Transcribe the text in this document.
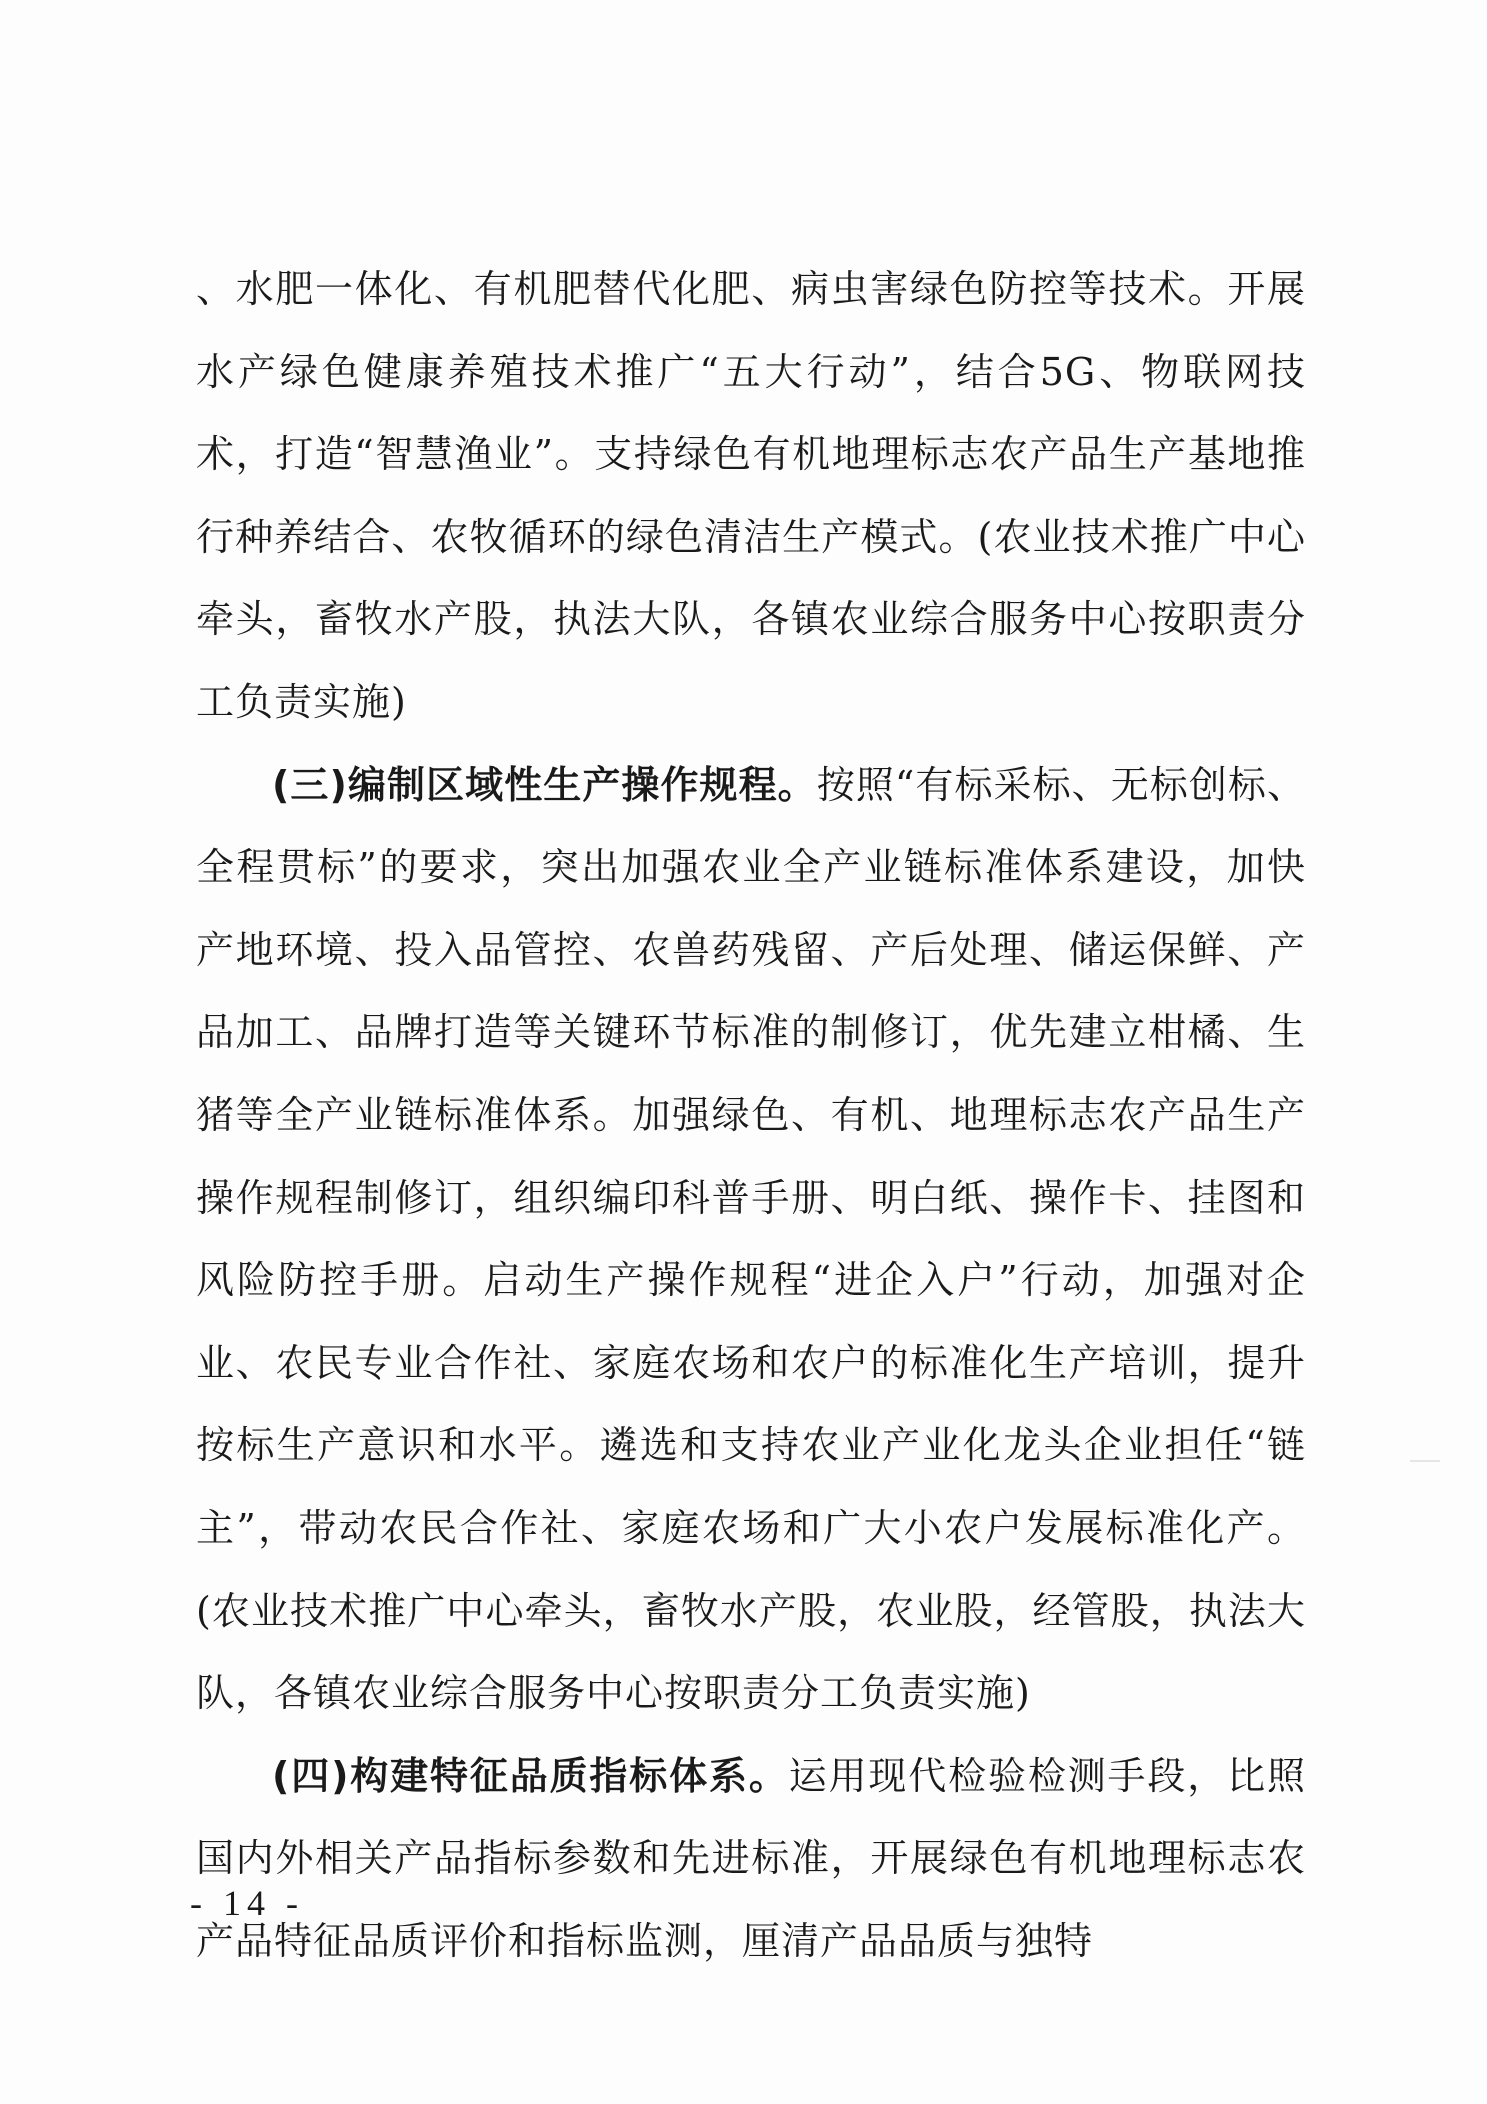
、水肥一体化、有机肥替代化肥、病虫害绿色防控等技术。开展水产绿色健康养殖技术推广“五大行动”，结合5G、物联网技术，打造“智慧渔业”。支持绿色有机地理标志农产品生产基地推行种养结合、农牧循环的绿色清洁生产模式。(农业技术推广中心牵头，畜牧水产股，执法大队，各镇农业综合服务中心按职责分工负责实施)

(三)编制区域性生产操作规程。按照“有标采标、无标创标、全程贯标”的要求，突出加强农业全产业链标准体系建设，加快产地环境、投入品管控、农兽药残留、产后处理、储运保鲜、产品加工、品牌打造等关键环节标准的制修订，优先建立柑橘、生猪等全产业链标准体系。加强绿色、有机、地理标志农产品生产操作规程制修订，组织编印科普手册、明白纸、操作卡、挂图和风险防控手册。启动生产操作规程“进企入户”行动，加强对企业、农民专业合作社、家庭农场和农户的标准化生产培训，提升按标生产意识和水平。遴选和支持农业产业化龙头企业担任“链主”，带动农民合作社、家庭农场和广大小农户发展标准化产。(农业技术推广中心牵头，畜牧水产股，农业股，经管股，执法大队，各镇农业综合服务中心按职责分工负责实施)

(四)构建特征品质指标体系。运用现代检验检测手段，比照国内外相关产品指标参数和先进标准，开展绿色有机地理标志农产品特征品质评价和指标监测，厘清产品品质与独特

- 14 -
